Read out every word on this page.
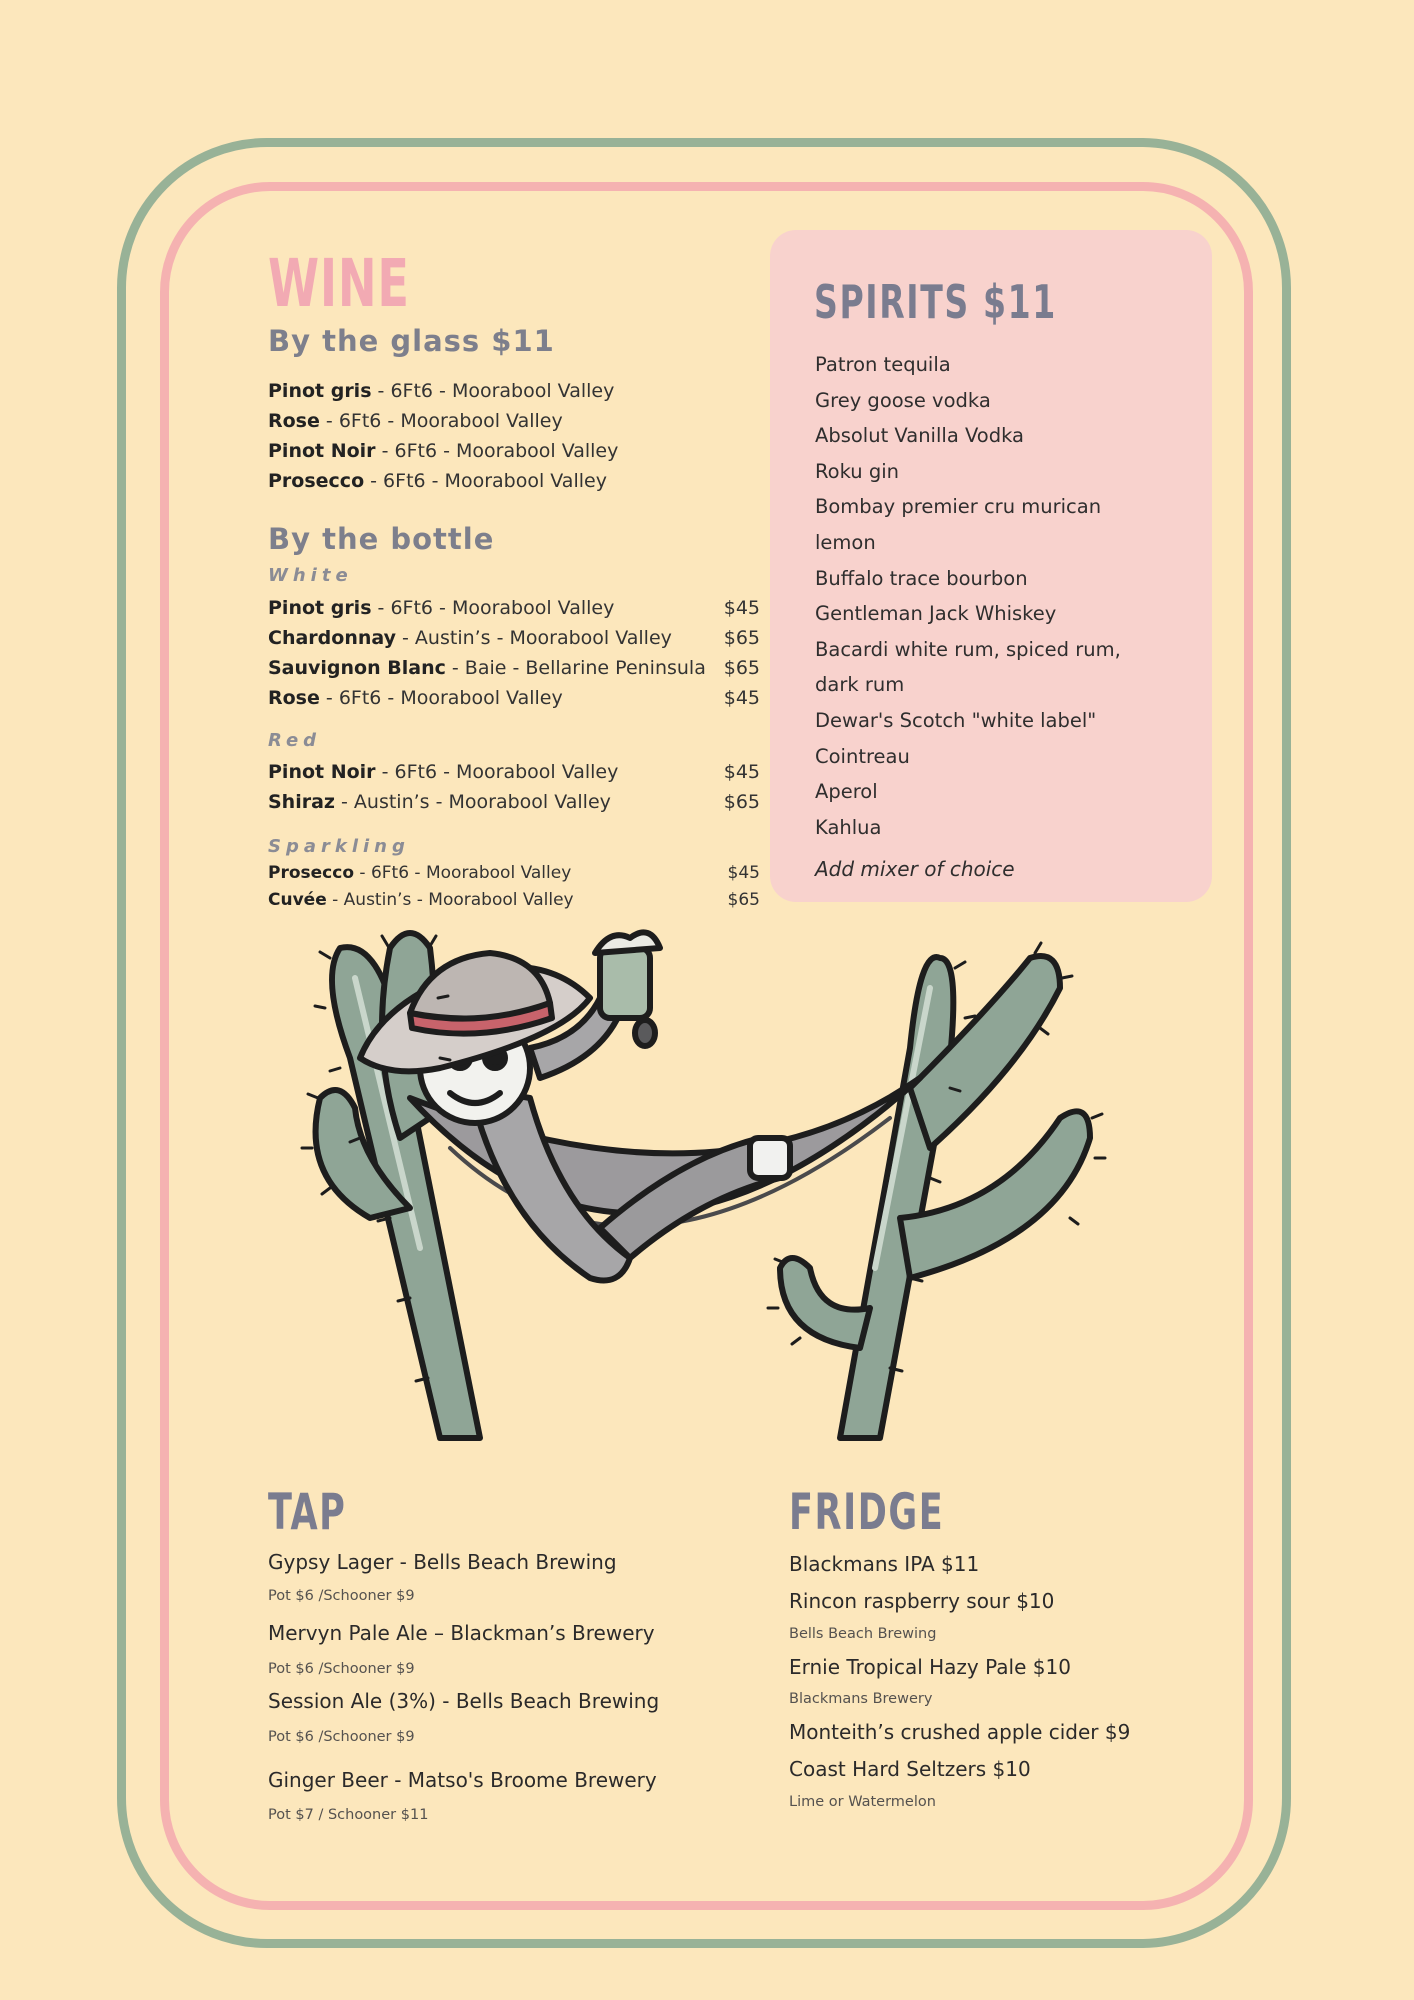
WINE
By the glass $11
Pinot gris - 6Ft6 - Moorabool Valley
Rose - 6Ft6 - Moorabool Valley
Pinot Noir - 6Ft6 - Moorabool Valley
Prosecco - 6Ft6 - Moorabool Valley
By the bottle
White
Pinot gris - 6Ft6 - Moorabool Valley	$45
Chardonnay - Austin’s - Moorabool Valley	$65
Sauvignon Blanc - Baie - Bellarine Peninsula $65
Rose - 6Ft6 - Moorabool Valley	$45
Red
Pinot Noir - 6Ft6 - Moorabool Valley	$45
Shiraz - Austin’s - Moorabool Valley	$65
Sparkling
Prosecco - 6Ft6 - Moorabool Valley	$45
Cuvée - Austin’s - Moorabool Valley	$65
SPIRITS $11
Patron tequila
Grey goose vodka
Absolut Vanilla Vodka
Roku gin
Bombay premier cru murican
lemon
Buffalo trace bourbon
Gentleman Jack Whiskey
Bacardi white rum, spiced rum,
dark rum
Dewar's Scotch "white label"
Cointreau
Aperol
Kahlua

Add mixer of choice

TAP

Gypsy Lager - Bells Beach Brewing

Pot $6 /Schooner $9

Mervyn Pale Ale – Blackman’s Brewery

Pot $6 /Schooner $9

Session Ale (3%) - Bells Beach Brewing

Pot $6 /Schooner $9

Ginger Beer - Matso's Broome Brewery

Pot $7 / Schooner $11

FRIDGE

Blackmans IPA $11

Rincon raspberry sour $10

Bells Beach Brewing

Ernie Tropical Hazy Pale $10

Blackmans Brewery

Monteith’s crushed apple cider $9

Coast Hard Seltzers $10

Lime or Watermelon
